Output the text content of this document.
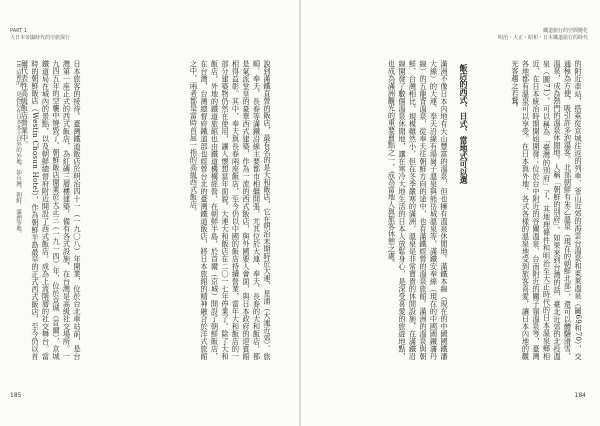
PART 1
大日本帝國時代的空旅探行
說到滿鐵直營的飯店，最有名的是大和飯店，它在明治末期時於大連、星浦（大連近郊）、旅順、奉天、長春等滿鐵沿線主要都市相繼開張，尤其位於大連、奉天、長春的大和飯店，都是氣派堂皇的豪華西式建築，作為一流的西式飯店，與外國要人會面，與日本政府的迎賓館相得益彰。其中，奉天與長春兩座飯店，至今仍以中國的飯店持續營業，當年大和飯店的一部分建築物仍然在使用，讓人懷想當年面貌。大連大和飯店在二〇一七年停業了。除了大和飯店，外地的鐵道旅館也由鐵道機構經營，在朝鮮半島，於首爾（京城）開設了朝鮮飯店，在台灣，台灣總督府鐵道部也經營台北的臺灣鐵道飯店，將日本旅館的精神融合於洋式旅館之中，兩者都是當時首屈一指的高級西式飯店。
日本旅客的接待。臺灣鐵道飯店於明治四十一（一九〇八）年開業，位於台北車站前，是台灣第一座正式的西式飯店，為紅磚三層樓建築，備有各式設施，在台灣是高級社交場所。一九四五年的空襲中燒毀了。朝鮮飯店開業於大正三（一九一四）年，位於京城（首爾），京城鐵道局在城內的景點，以及朝鮮總督府附近開設了西式飯店，成為上流階層的社交舞台。當時的朝鮮飯店（Westin Chosun Hotel），作為朝鮮半島最早的正式西式飯店，至今仍以首爾代表性高級飯店營業中。
16 這裡的，是指位在日本本土以外的外地，如台灣、朝鮮、滿洲等地。
185
鐵道旅行的空間變化
明治・大正・昭和・日本鐵道旅行的時代
的附近車站，搭乘從京城往返的列車、釜山近郊的海雲台溫泉和東萊溫泉（圖69和70），交通極為方便，吸引許多泡湯客。北部朝鮮有朱乙溫泉（現在的朝鮮北部），還可以體驗滑雪、溫泉，成為熱門的溫泉休閒地。人稱「朝鮮的別府」。如果來到台灣的話，臺北近郊的北投溫泉（圖71），可以稱為「臺灣的別府」了，其地理條件和明治至大正時代的日本溫泉鄉相近，在日本統治時期開始開發；位於台中附近的谷關溫泉、台南附近的關子嶺溫泉等，臺灣各地都有溫泉可以享受。在日本與外地，各式各樣的溫泉地受到旅客喜愛，讓日本內地的觀光客趨之若鶩。
飯店的西式、日式、當地式可以選
滿洲不像日本內地有大山豐富的溫泉，但也擁有溫泉休閒地。滿鐵本線（現在的中國國鐵瀋大線）的大連、奉天沿線有湯崗子溫泉與熊岳城溫泉等，滿鐵安奉線（現在的中國國鐵瀋丹線）的五龍背溫泉，從奉天往朝鮮方向的途中，也有滿鐵經營的溫泉旅館。滿洲的溫泉與朝鮮、台灣相比，規模雖然小，但在冬季嚴寒的滿洲，溫泉是非常寶貴的休閒設施，在滿鐵沿線開發了數個溫泉休閒地，讓在寒冷大地生活的日本人放鬆身心，是深受喜愛的旅遊地點，也成為滿洲觀光的重要賣點之一，成為當地人與旅客休憩之處。
184
